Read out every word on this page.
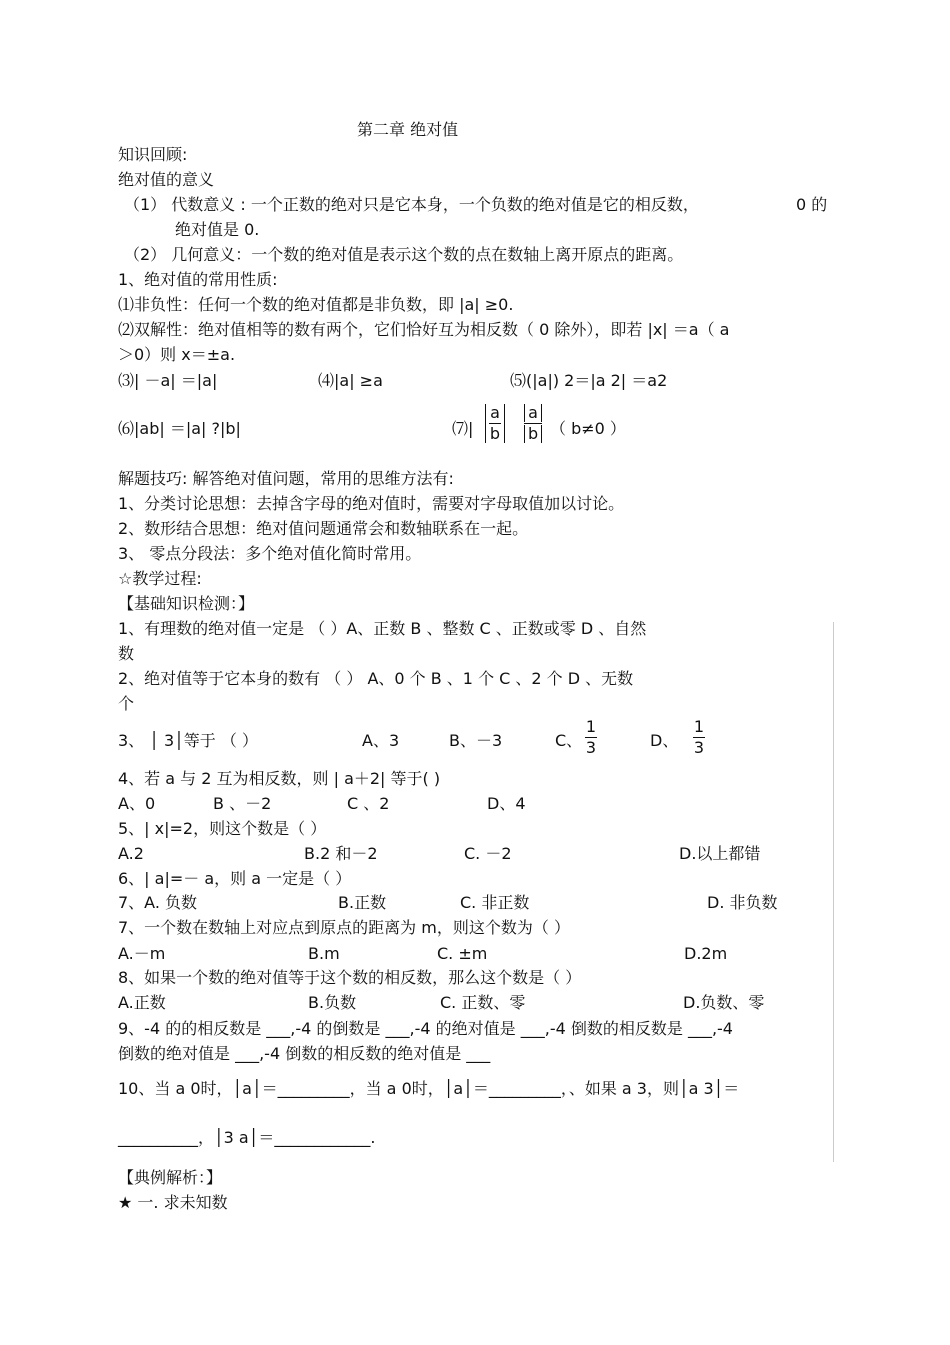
第二章 绝对值
知识回顾:
绝对值的意义
（1） 代数意义 : 一个正数的绝对只是它本身，一个负数的绝对值是它的相反数，	0 的
绝对值是 0.
（2） 几何意义：一个数的绝对值是表示这个数的点在数轴上离开原点的距离。
1、绝对值的常用性质:
⑴非负性：任何一个数的绝对值都是非负数，即 |a| ≥0.
⑵双解性：绝对值相等的数有两个，它们恰好互为相反数（ 0 除外），即若 |x| ＝a（ a
＞0）则 x＝±a.
⑶| －a| ＝|a|	⑷|a| ≥a	⑸(|a|) 2＝|a 2| ＝a2
⑹|ab| ＝|a| ?|b|	⑺|
a
b
a
b （ b≠0 ）
解题技巧: 解答绝对值问题，常用的思维方法有:
1、分类讨论思想：去掉含字母的绝对值时，需要对字母取值加以讨论。
2、数形结合思想：绝对值问题通常会和数轴联系在一起。
3、 零点分段法：多个绝对值化简时常用。
☆教学过程:
【基础知识检测：】
1、有理数的绝对值一定是 （ ）A、正数 B 、整数 C 、正数或零 D 、自然
数
2、绝对值等于它本身的数有 （ ） A、0 个 B 、1 个 C 、2 个 D 、无数
个
3、 │ 3│等于 （ ）	A、3	B、－3	C、
1
3	D、
1
3
4、若 a 与 2 互为相反数，则 | a＋2| 等于( )
A、0	B 、－2	C 、2	D、4
5、| x|=2，则这个数是（ ）
A.2	B.2 和－2	C. －2	D.以上都错
6、| a|=－ a，则 a 一定是（ ）
7、A. 负数	B.正数	C. 非正数	D. 非负数
7、一个数在数轴上对应点到原点的距离为 m，则这个数为（ ）
A.－m	B.m	C. ±m	D.2m
8、如果一个数的绝对值等于这个数的相反数，那么这个数是（ ）
A.正数	B.负数	C. 正数、零	D.负数、零
9、-4 的的相反数是 ___,-4 的倒数是 ___,-4 的绝对值是 ___,-4 倒数的相反数是 ___,-4
倒数的绝对值是 ___,-4 倒数的相反数的绝对值是 ___
10、当 a 0时，│a│＝_________，当 a 0时，│a│＝_________，、如果 a 3，则│a 3│＝
__________，│3 a│＝____________.
【典例解析：】
★ 一. 求未知数
